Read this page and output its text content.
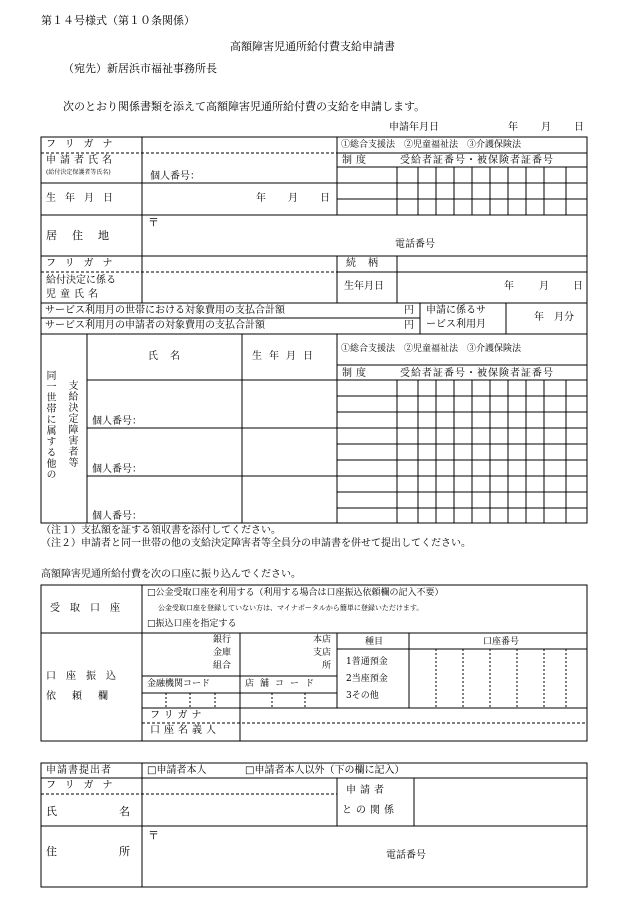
第１４号様式（第１０条関係）
高額障害児通所給付費支給申請書
（宛先）新居浜市福祉事務所長
次のとおり関係書類を添えて高額障害児通所給付費の支給を申請します。
申請年月日	年 月 日
フリガナ
申請者氏名
(給付決定保護者等氏名)	個人番号：
生年月日	年 月 日
居住地
〒
電話番号
①総合支援法　②児童福祉法　③介護保険法
制度	受給者証番号・被保険者証番号
フリガナ	続柄
給付決定に係る
児童氏名
生年月日	年	月 日
サービス利用月の世帯における対象費用の支払合計額	円
サービス利用月の申請者の対象費用の支払合計額	円
申請に係るサ
ービス利用月
年　月分
同一世帯に属する他の 支給決定障害者等
氏名	生年月日
①総合支援法　②児童福祉法　③介護保険法
制度	受給者証番号・被保険者証番号
個人番号：
個人番号：
個人番号：
（注１）支払額を証する領収書を添付してください。
（注２）申請者と同一世帯の他の支給決定障害者等全員分の申請書を併せて提出してください。
高額障害児通所給付費を次の口座に振り込んでください。
受取口座
□公金受取口座を利用する（利用する場合は口座振込依頼欄の記入不要）
公金受取口座を登録していない方は、マイナポータルから簡単に登録いただけます。
□振込口座を指定する
口座振込
依頼欄
銀行
金庫
組合
本店
支店
所
金融機関コード	店舗コード
種目	口座番号
1普通預金
2当座預金
3その他
フリガナ
口座名義人
申請書提出者	□申請者本人	□申請者本人以外（下の欄に記入）
フリガナ
氏名
申請者
との関係
住所
〒
電話番号
